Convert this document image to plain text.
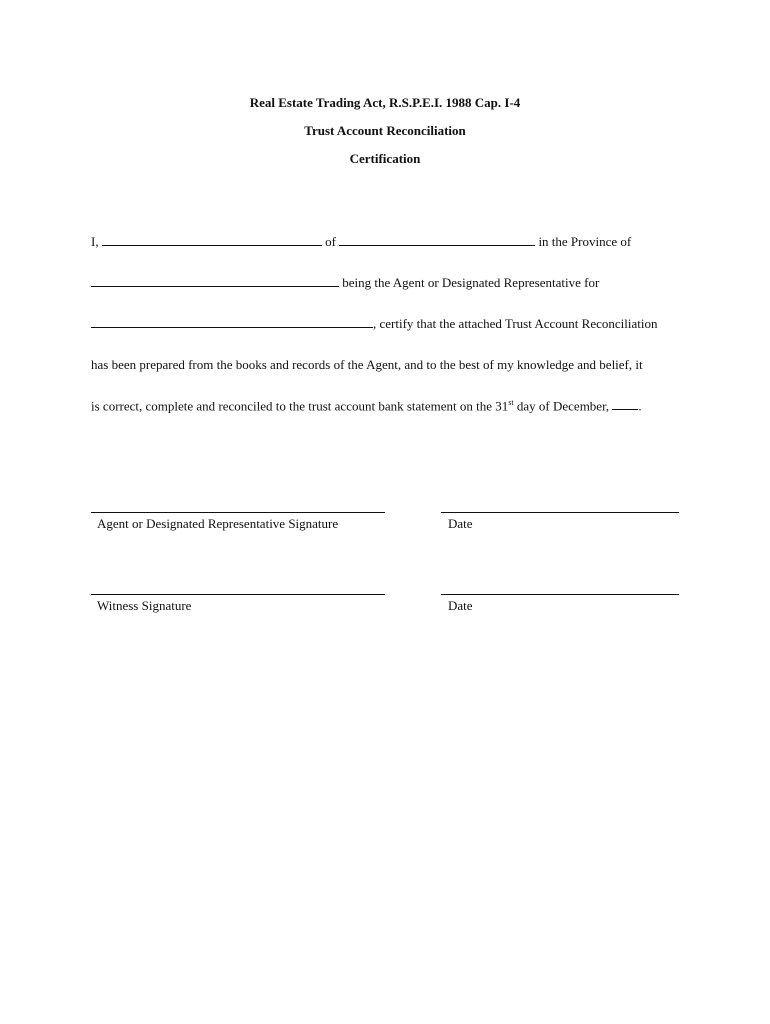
Real Estate Trading Act, R.S.P.E.I. 1988 Cap. I-4
Trust Account Reconciliation
Certification
I,	of	in the Province of
being the Agent or Designated Representative for
, certify that the attached Trust Account Reconciliation
has been prepared from the books and records of the Agent, and to the best of my knowledge and belief, it
is correct, complete and reconciled to the trust account bank statement on the 31st day of December, .
Agent or Designated Representative Signature	Date
Witness Signature	Date
